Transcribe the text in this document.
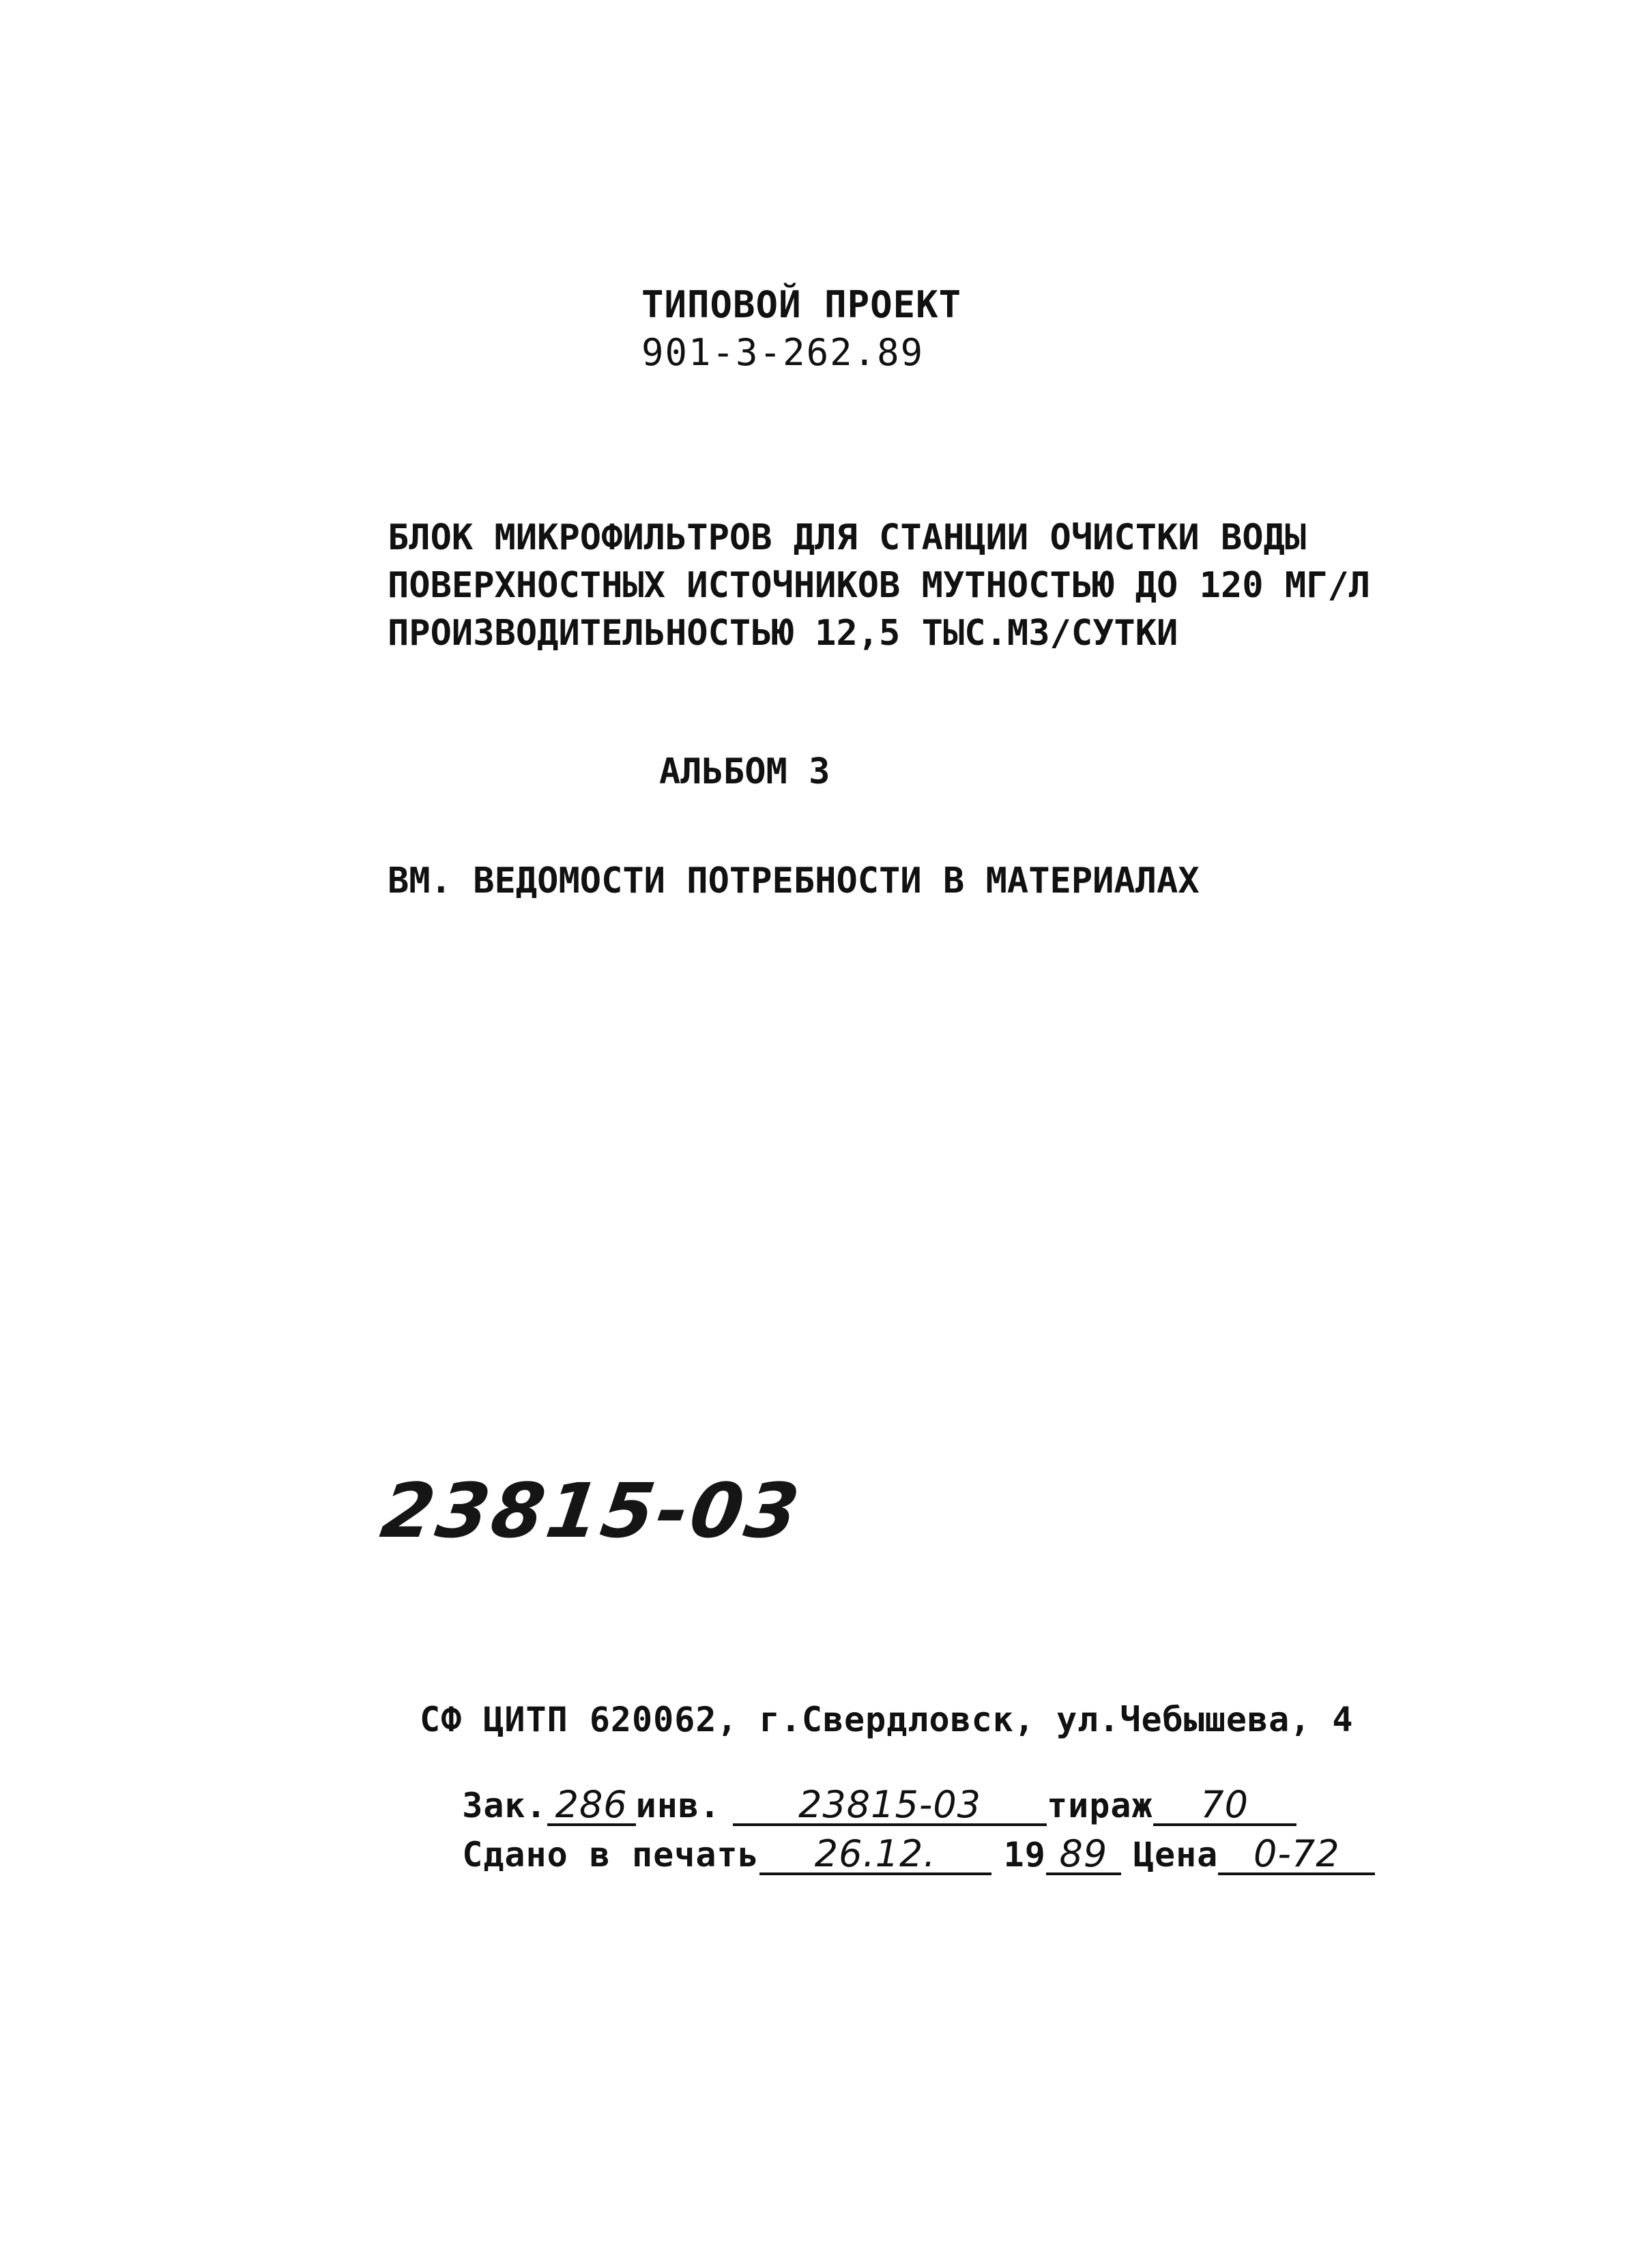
ТИПОВОЙ ПРОЕКТ
901-3-262.89
БЛОК МИКРОФИЛЬТРОВ ДЛЯ СТАНЦИИ ОЧИСТКИ ВОДЫ
ПОВЕРХНОСТНЫХ ИСТОЧНИКОВ МУТНОСТЬЮ ДО 120 МГ/Л
ПРОИЗВОДИТЕЛЬНОСТЬЮ 12,5 ТЫС.М3/СУТКИ
АЛЬБОМ 3
ВМ. ВЕДОМОСТИ ПОТРЕБНОСТИ В МАТЕРИАЛАХ
23815-03
СФ ЦИТП 620062, г.Свердловск, ул.Чебышева, 4

Зак. 286 инв. 23815-03 тираж 70

Сдано в печать 26.12. 19 89 Цена 0-72
